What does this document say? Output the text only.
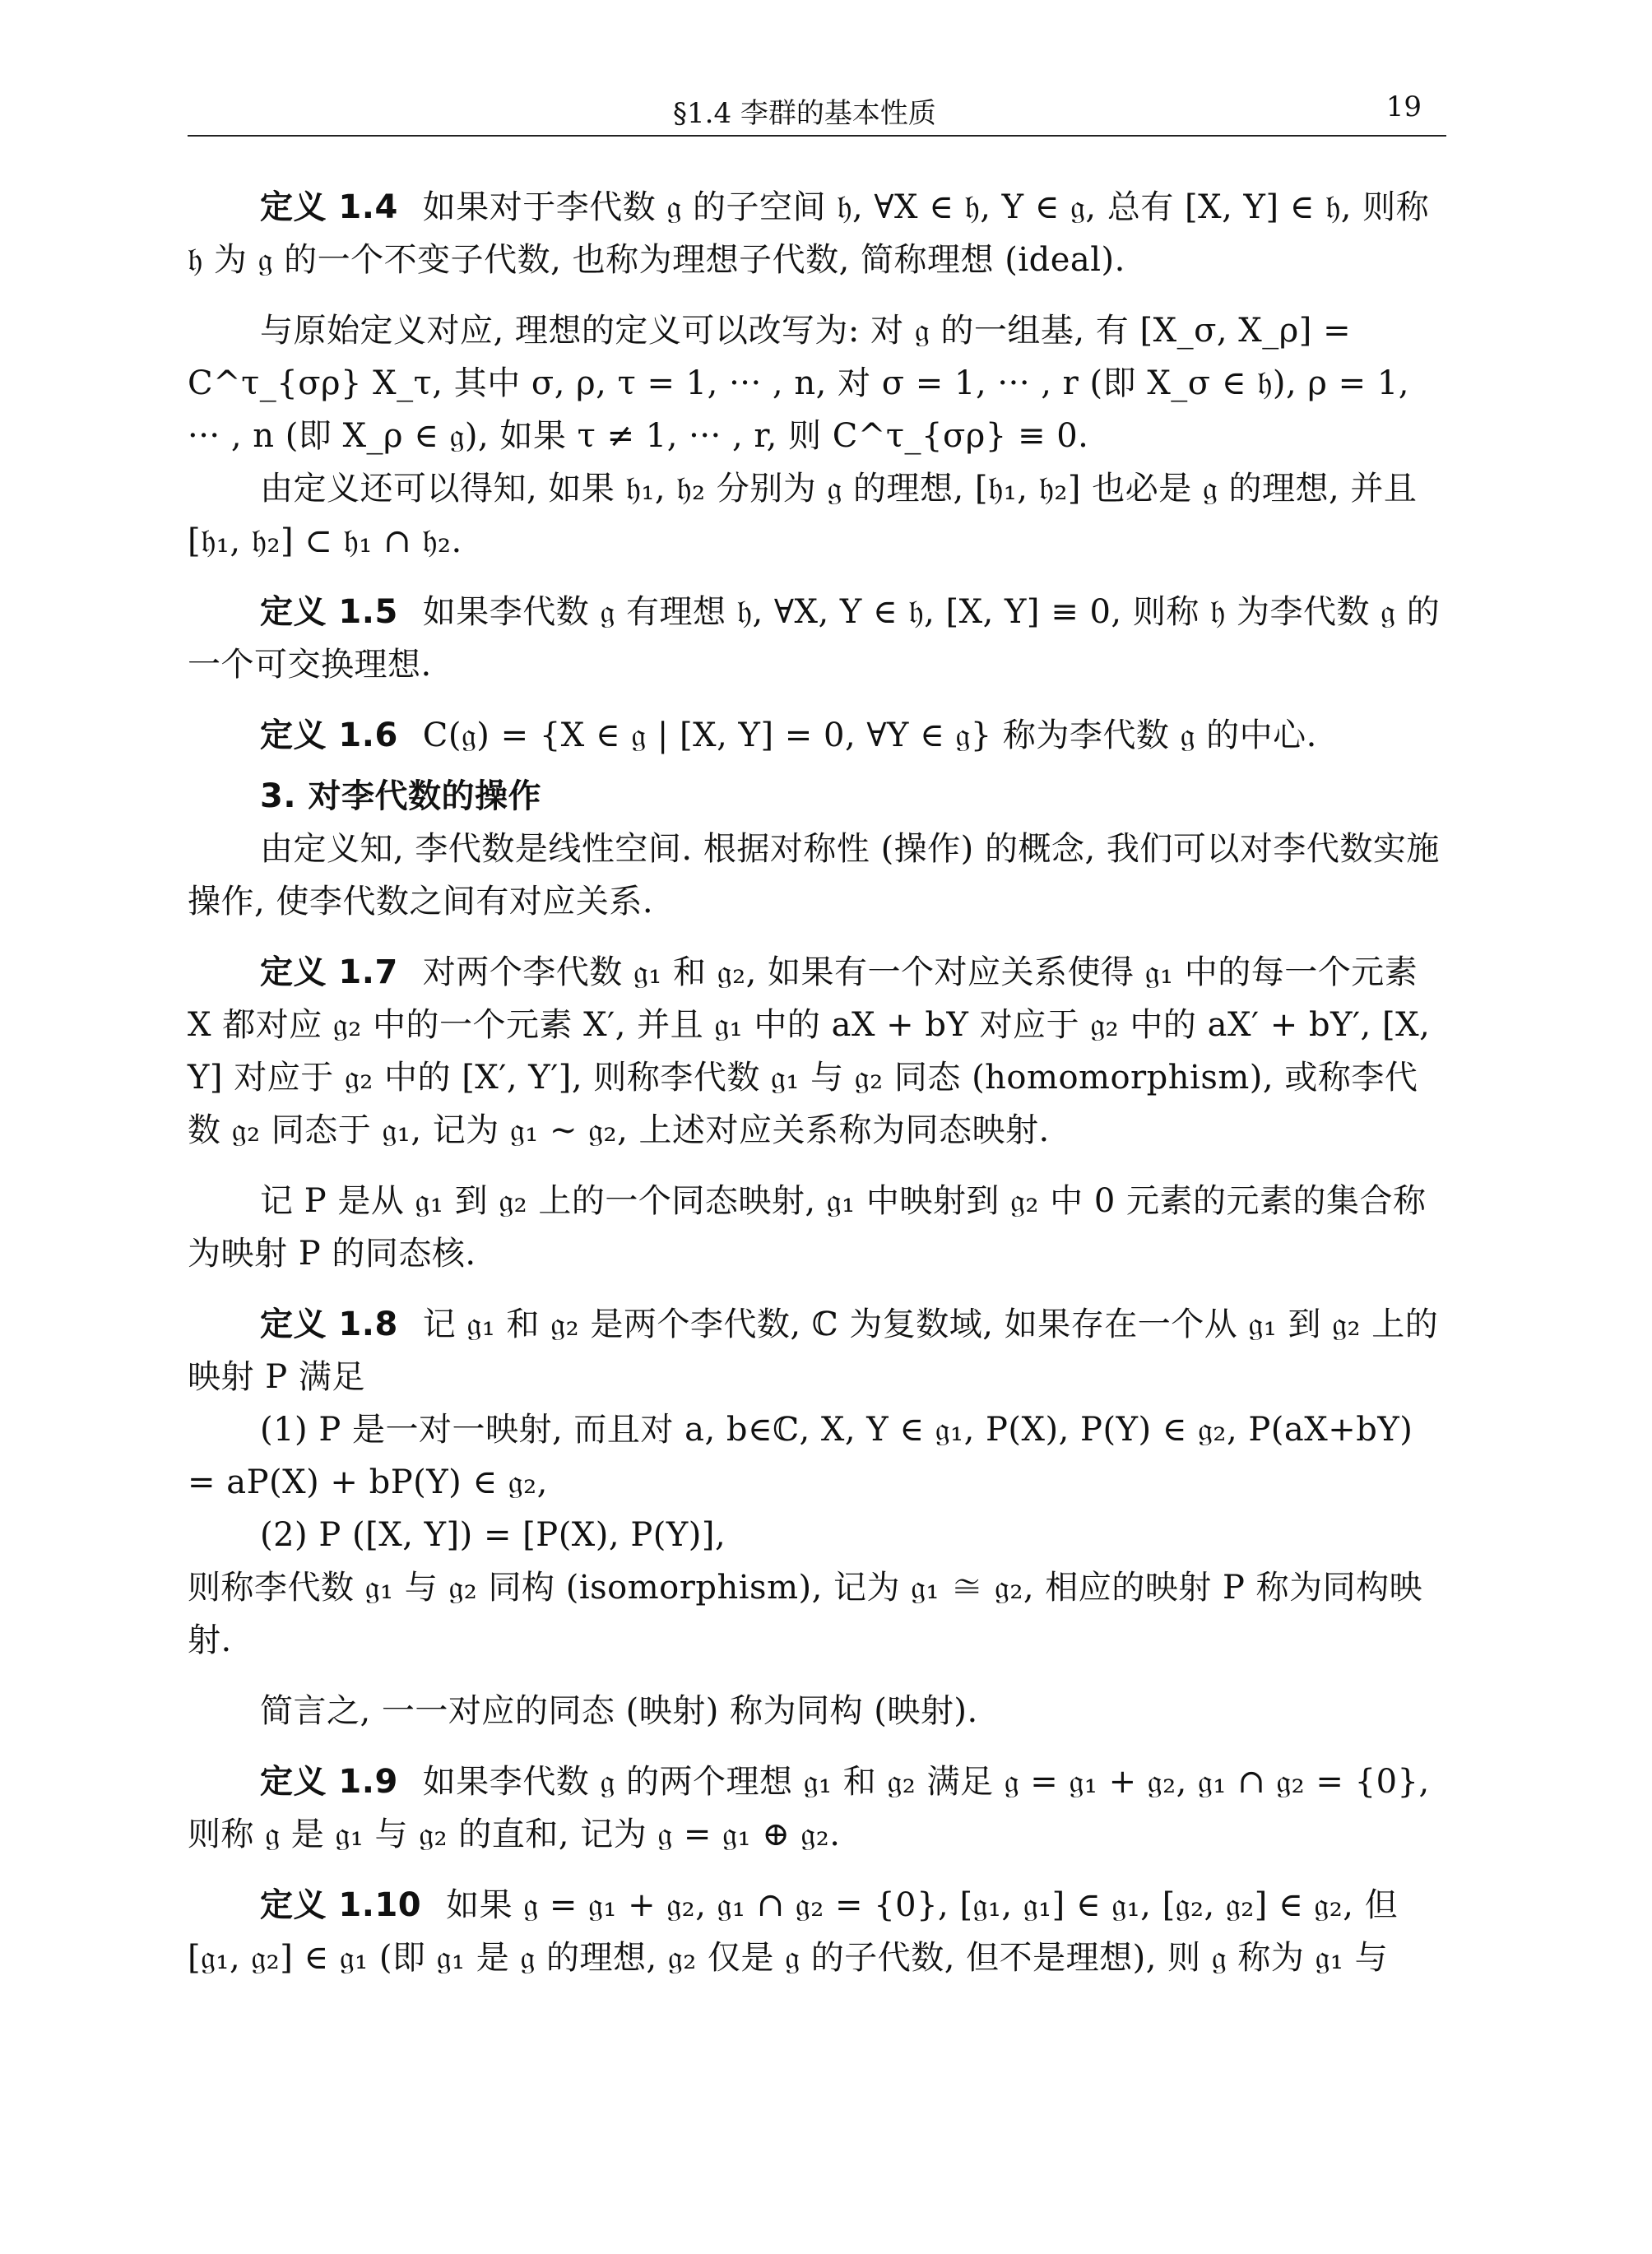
§1.4 李群的基本性质	19

定义 1.4 如果对于李代数 𝔤 的子空间 𝔥, ∀X ∈ 𝔥, Y ∈ 𝔤, 总有 [X, Y] ∈ 𝔥, 则称 𝔥 为 𝔤 的一个不变子代数, 也称为理想子代数, 简称理想 (ideal).

与原始定义对应, 理想的定义可以改写为: 对 𝔤 的一组基, 有 [X_σ, X_ρ] = C^τ_{σρ} X_τ, 其中 σ, ρ, τ = 1, ··· , n, 对 σ = 1, ··· , r (即 X_σ ∈ 𝔥), ρ = 1, ··· , n (即 X_ρ ∈ 𝔤), 如果 τ ≠ 1, ··· , r, 则 C^τ_{σρ} ≡ 0.

由定义还可以得知, 如果 𝔥₁, 𝔥₂ 分别为 𝔤 的理想, [𝔥₁, 𝔥₂] 也必是 𝔤 的理想, 并且 [𝔥₁, 𝔥₂] ⊂ 𝔥₁ ∩ 𝔥₂.

定义 1.5 如果李代数 𝔤 有理想 𝔥, ∀X, Y ∈ 𝔥, [X, Y] ≡ 0, 则称 𝔥 为李代数 𝔤 的一个可交换理想.

定义 1.6 C(𝔤) = {X ∈ 𝔤 | [X, Y] = 0, ∀Y ∈ 𝔤} 称为李代数 𝔤 的中心.

3. 对李代数的操作

由定义知, 李代数是线性空间. 根据对称性 (操作) 的概念, 我们可以对李代数实施操作, 使李代数之间有对应关系.

定义 1.7 对两个李代数 𝔤₁ 和 𝔤₂, 如果有一个对应关系使得 𝔤₁ 中的每一个元素 X 都对应 𝔤₂ 中的一个元素 X′, 并且 𝔤₁ 中的 aX + bY 对应于 𝔤₂ 中的 aX′ + bY′, [X, Y] 对应于 𝔤₂ 中的 [X′, Y′], 则称李代数 𝔤₁ 与 𝔤₂ 同态 (homomorphism), 或称李代数 𝔤₂ 同态于 𝔤₁, 记为 𝔤₁ ∼ 𝔤₂, 上述对应关系称为同态映射.

记 P 是从 𝔤₁ 到 𝔤₂ 上的一个同态映射, 𝔤₁ 中映射到 𝔤₂ 中 0 元素的元素的集合称为映射 P 的同态核.

定义 1.8 记 𝔤₁ 和 𝔤₂ 是两个李代数, ℂ 为复数域, 如果存在一个从 𝔤₁ 到 𝔤₂ 上的映射 P 满足

(1) P 是一对一映射, 而且对 a, b∈ℂ, X, Y ∈ 𝔤₁, P(X), P(Y) ∈ 𝔤₂, P(aX+bY) = aP(X) + bP(Y) ∈ 𝔤₂,

(2) P ([X, Y]) = [P(X), P(Y)],

则称李代数 𝔤₁ 与 𝔤₂ 同构 (isomorphism), 记为 𝔤₁ ≅ 𝔤₂, 相应的映射 P 称为同构映射.

简言之, 一一对应的同态 (映射) 称为同构 (映射).

定义 1.9 如果李代数 𝔤 的两个理想 𝔤₁ 和 𝔤₂ 满足 𝔤 = 𝔤₁ + 𝔤₂, 𝔤₁ ∩ 𝔤₂ = {0}, 则称 𝔤 是 𝔤₁ 与 𝔤₂ 的直和, 记为 𝔤 = 𝔤₁ ⊕ 𝔤₂.

定义 1.10 如果 𝔤 = 𝔤₁ + 𝔤₂, 𝔤₁ ∩ 𝔤₂ = {0}, [𝔤₁, 𝔤₁] ∈ 𝔤₁, [𝔤₂, 𝔤₂] ∈ 𝔤₂, 但 [𝔤₁, 𝔤₂] ∈ 𝔤₁ (即 𝔤₁ 是 𝔤 的理想, 𝔤₂ 仅是 𝔤 的子代数, 但不是理想), 则 𝔤 称为 𝔤₁ 与
